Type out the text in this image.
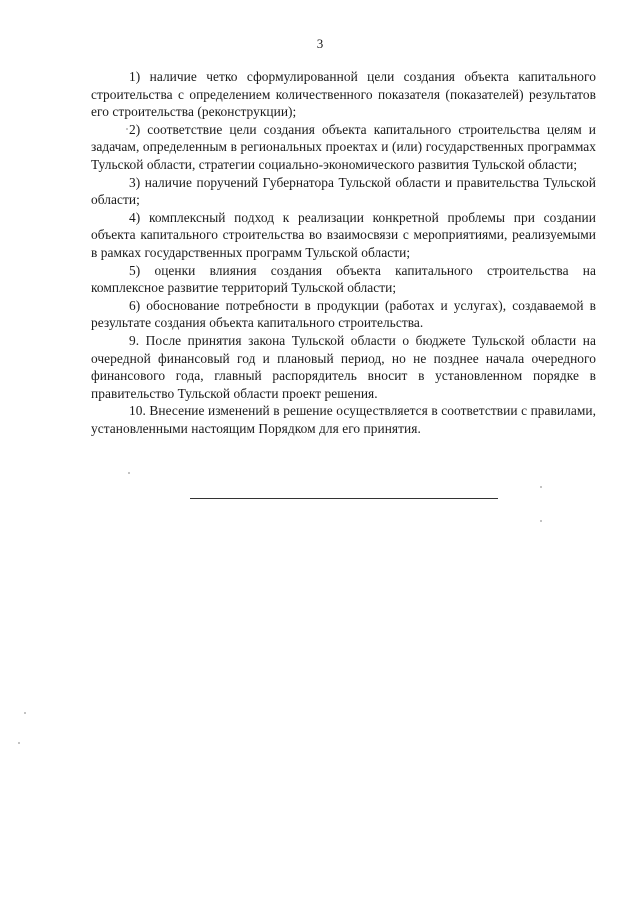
3

1) наличие четко сформулированной цели создания объекта капитального строительства с определением количественного показателя (показателей) результатов его строительства (реконструкции);

2) соответствие цели создания объекта капитального строительства целям и задачам, определенным в региональных проектах и (или) государственных программах Тульской области, стратегии социально-экономического развития Тульской области;

3) наличие поручений Губернатора Тульской области и правительства Тульской области;

4) комплексный подход к реализации конкретной проблемы при создании объекта капитального строительства во взаимосвязи с мероприятиями, реализуемыми в рамках государственных программ Тульской области;

5) оценки влияния создания объекта капитального строительства на комплексное развитие территорий Тульской области;

6) обоснование потребности в продукции (работах и услугах), создаваемой в результате создания объекта капитального строительства.

9. После принятия закона Тульской области о бюджете Тульской области на очередной финансовый год и плановый период, но не позднее начала очередного финансового года, главный распорядитель вносит в установленном порядке в правительство Тульской области проект решения.

10. Внесение изменений в решение осуществляется в соответствии с правилами, установленными настоящим Порядком для его принятия.
